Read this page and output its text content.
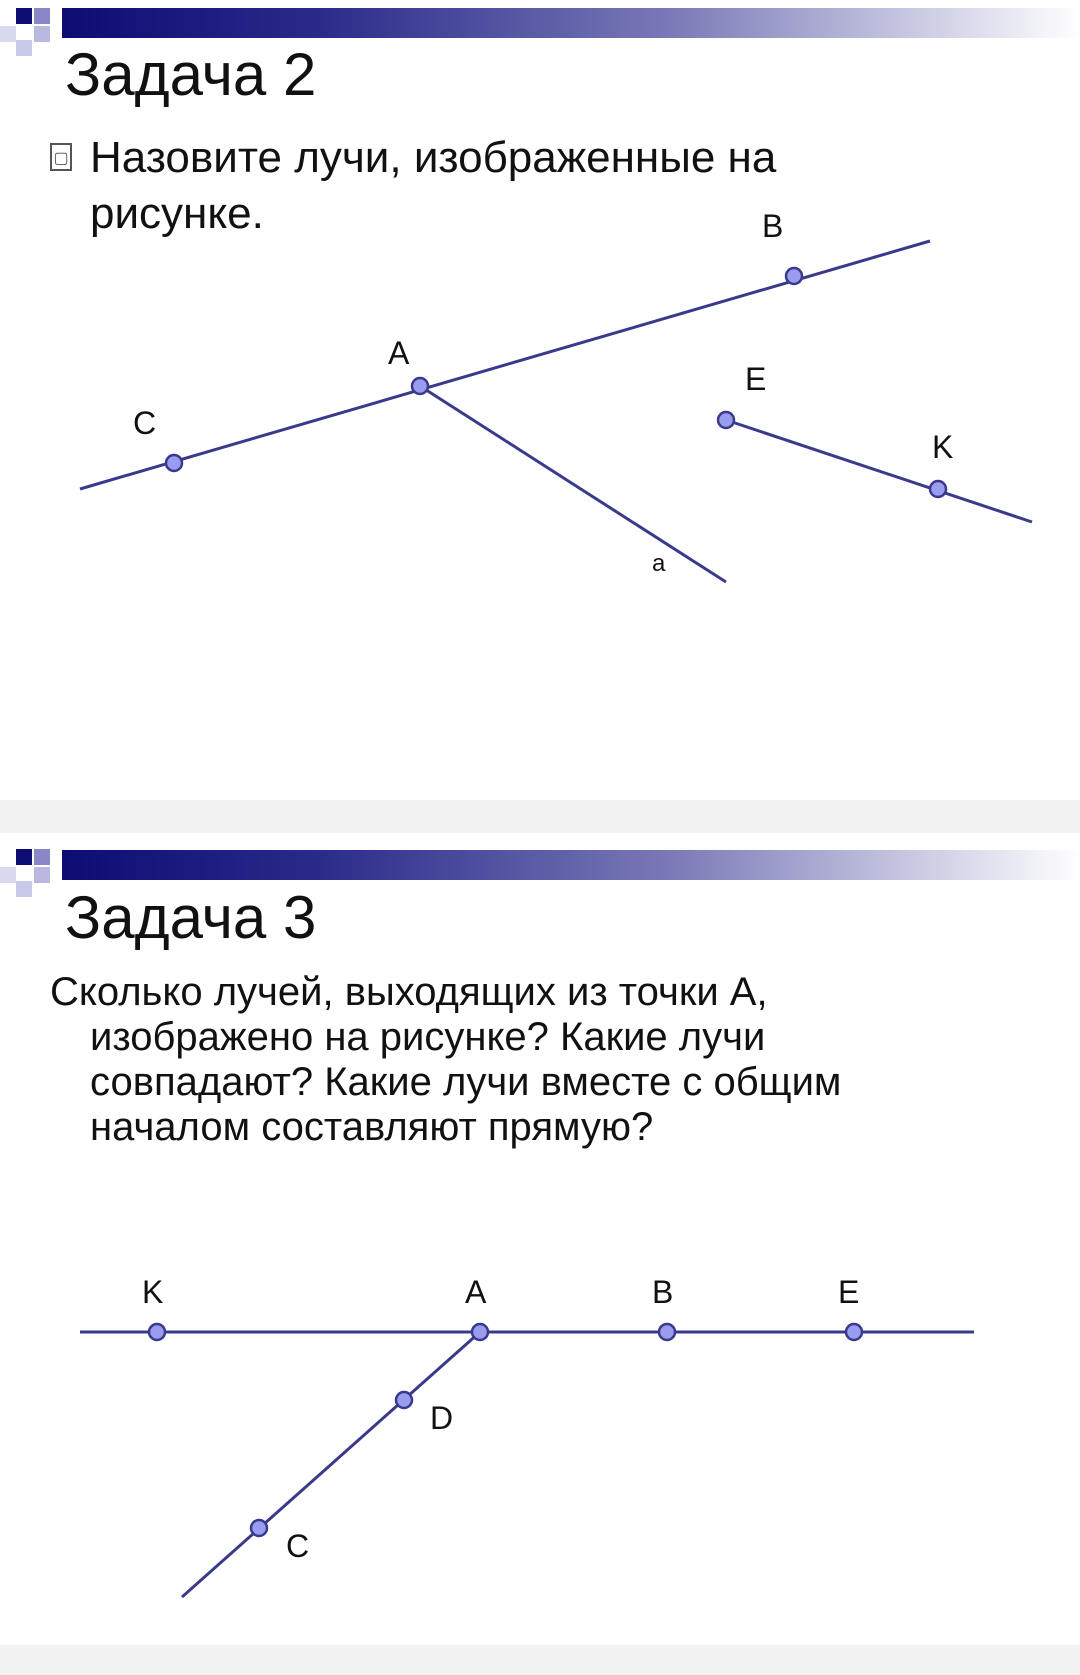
Задача 2
▢ Назовите лучи, изображенные на рисунке.	B
A
C
E
K
a
Задача 3
Сколько лучей, выходящих из точки А,
изображено на рисунке? Какие лучи
совпадают? Какие лучи вместе с общим
началом составляют прямую?
K	A	B	E
D
C
